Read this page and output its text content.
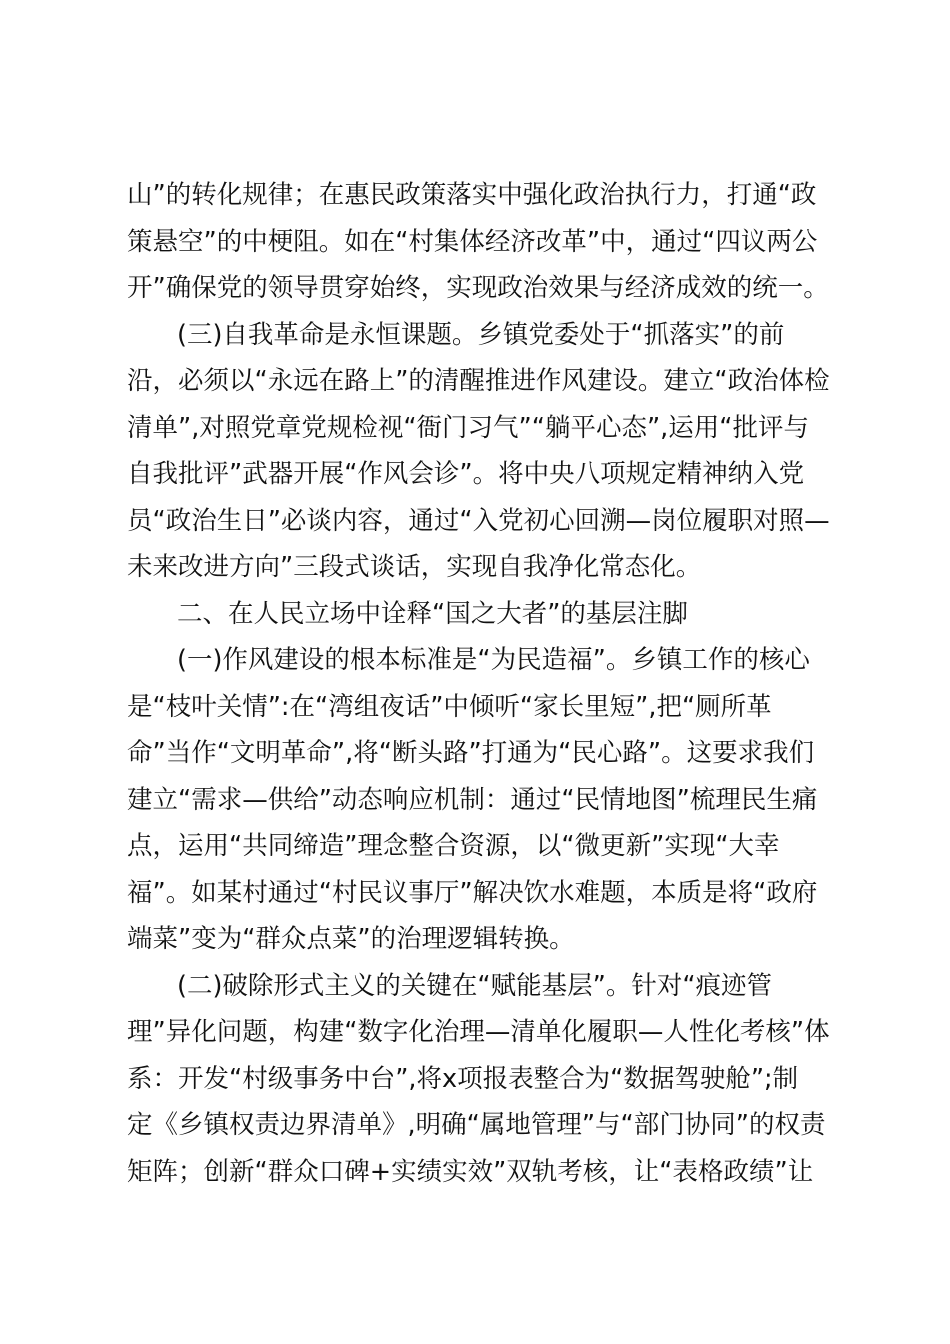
山”的转化规律；在惠民政策落实中强化政治执行力，打通“政
策悬空”的中梗阻。如在“村集体经济改革”中，通过“四议两公
开”确保党的领导贯穿始终，实现政治效果与经济成效的统一。
(三)自我革命是永恒课题。乡镇党委处于“抓落实”的前
沿，必须以“永远在路上”的清醒推进作风建设。建立“政治体检
清单”,对照党章党规检视“衙门习气”“躺平心态”,运用“批评与
自我批评”武器开展“作风会诊”。将中央八项规定精神纳入党
员“政治生日”必谈内容，通过“入党初心回溯—岗位履职对照—
未来改进方向”三段式谈话，实现自我净化常态化。
二、在人民立场中诠释“国之大者”的基层注脚
(一)作风建设的根本标准是“为民造福”。乡镇工作的核心
是“枝叶关情”:在“湾组夜话”中倾听“家长里短”,把“厕所革
命”当作“文明革命”,将“断头路”打通为“民心路”。这要求我们
建立“需求—供给”动态响应机制：通过“民情地图”梳理民生痛
点，运用“共同缔造”理念整合资源，以“微更新”实现“大幸
福”。如某村通过“村民议事厅”解决饮水难题，本质是将“政府
端菜”变为“群众点菜”的治理逻辑转换。
(二)破除形式主义的关键在“赋能基层”。针对“痕迹管
理”异化问题，构建“数字化治理—清单化履职—人性化考核”体
系：开发“村级事务中台”,将x项报表整合为“数据驾驶舱”;制
定《乡镇权责边界清单》,明确“属地管理”与“部门协同”的权责
矩阵；创新“群众口碑+实绩实效”双轨考核，让“表格政绩”让
